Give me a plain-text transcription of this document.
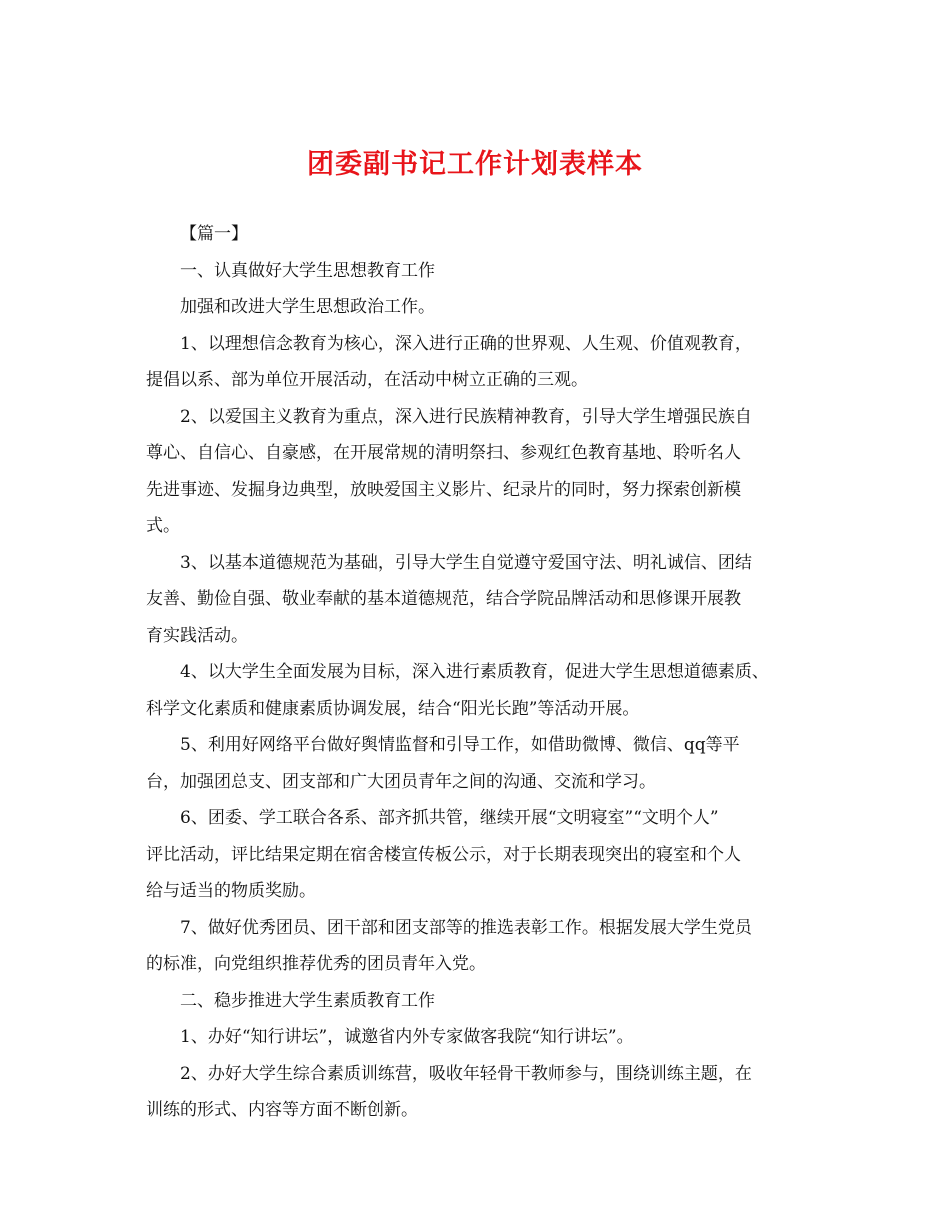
团委副书记工作计划表样本
【篇一】
一、认真做好大学生思想教育工作
加强和改进大学生思想政治工作。
1、以理想信念教育为核心，深入进行正确的世界观、人生观、价值观教育，
提倡以系、部为单位开展活动，在活动中树立正确的三观。
2、以爱国主义教育为重点，深入进行民族精神教育，引导大学生增强民族自
尊心、自信心、自豪感，在开展常规的清明祭扫、参观红色教育基地、聆听名人
先进事迹、发掘身边典型，放映爱国主义影片、纪录片的同时，努力探索创新模
式。
3、以基本道德规范为基础，引导大学生自觉遵守爱国守法、明礼诚信、团结
友善、勤俭自强、敬业奉献的基本道德规范，结合学院品牌活动和思修课开展教
育实践活动。
4、以大学生全面发展为目标，深入进行素质教育，促进大学生思想道德素质、
科学文化素质和健康素质协调发展，结合“阳光长跑”等活动开展。
5、利用好网络平台做好舆情监督和引导工作，如借助微博、微信、qq等平
台，加强团总支、团支部和广大团员青年之间的沟通、交流和学习。
6、团委、学工联合各系、部齐抓共管，继续开展“文明寝室”“文明个人”
评比活动，评比结果定期在宿舍楼宣传板公示，对于长期表现突出的寝室和个人
给与适当的物质奖励。
7、做好优秀团员、团干部和团支部等的推选表彰工作。根据发展大学生党员
的标准，向党组织推荐优秀的团员青年入党。
二、稳步推进大学生素质教育工作
1、办好“知行讲坛”，诚邀省内外专家做客我院“知行讲坛”。
2、办好大学生综合素质训练营，吸收年轻骨干教师参与，围绕训练主题，在
训练的形式、内容等方面不断创新。
